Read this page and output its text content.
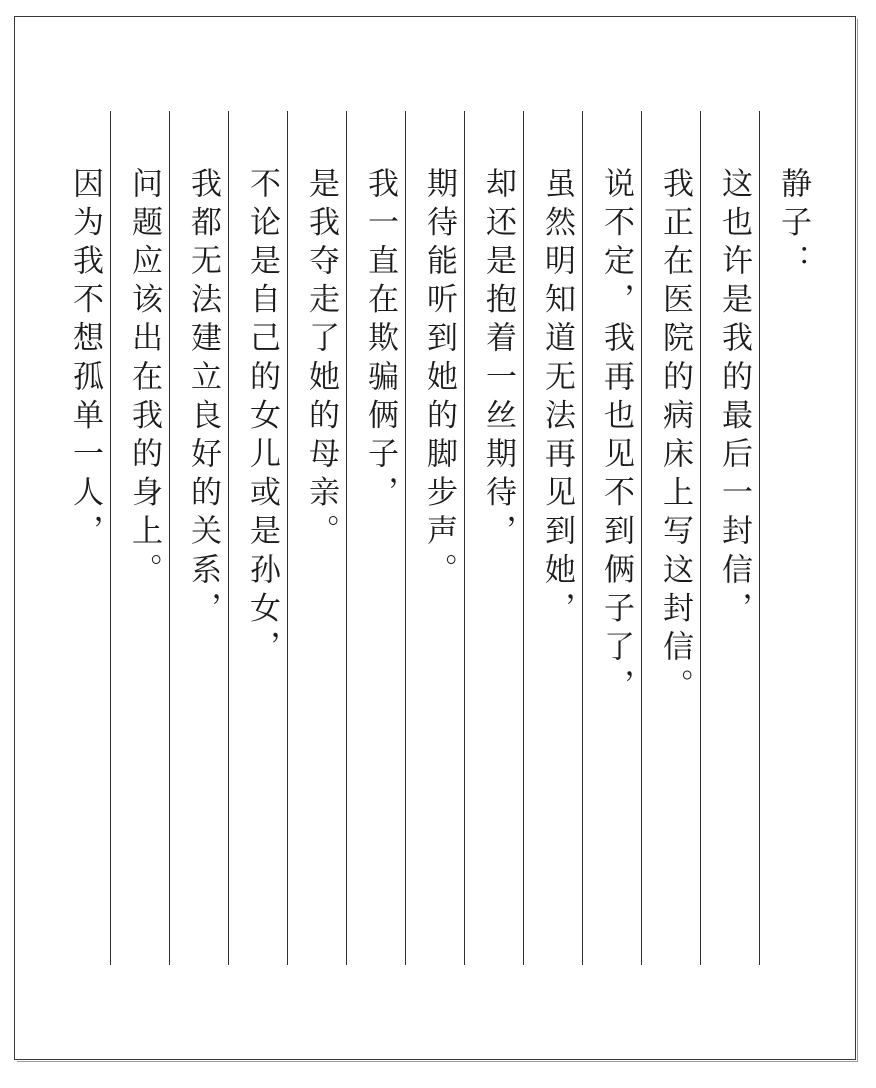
静子：
这也许是我的最后一封信，
我正在医院的病床上写这封信。
说不定，我再也见不到俩子了，
虽然明知道无法再见到她，
却还是抱着一丝期待，
期待能听到她的脚步声。
我一直在欺骗俩子，
是我夺走了她的母亲。
不论是自己的女儿或是孙女，
我都无法建立良好的关系，
问题应该出在我的身上。
因为我不想孤单一人，
